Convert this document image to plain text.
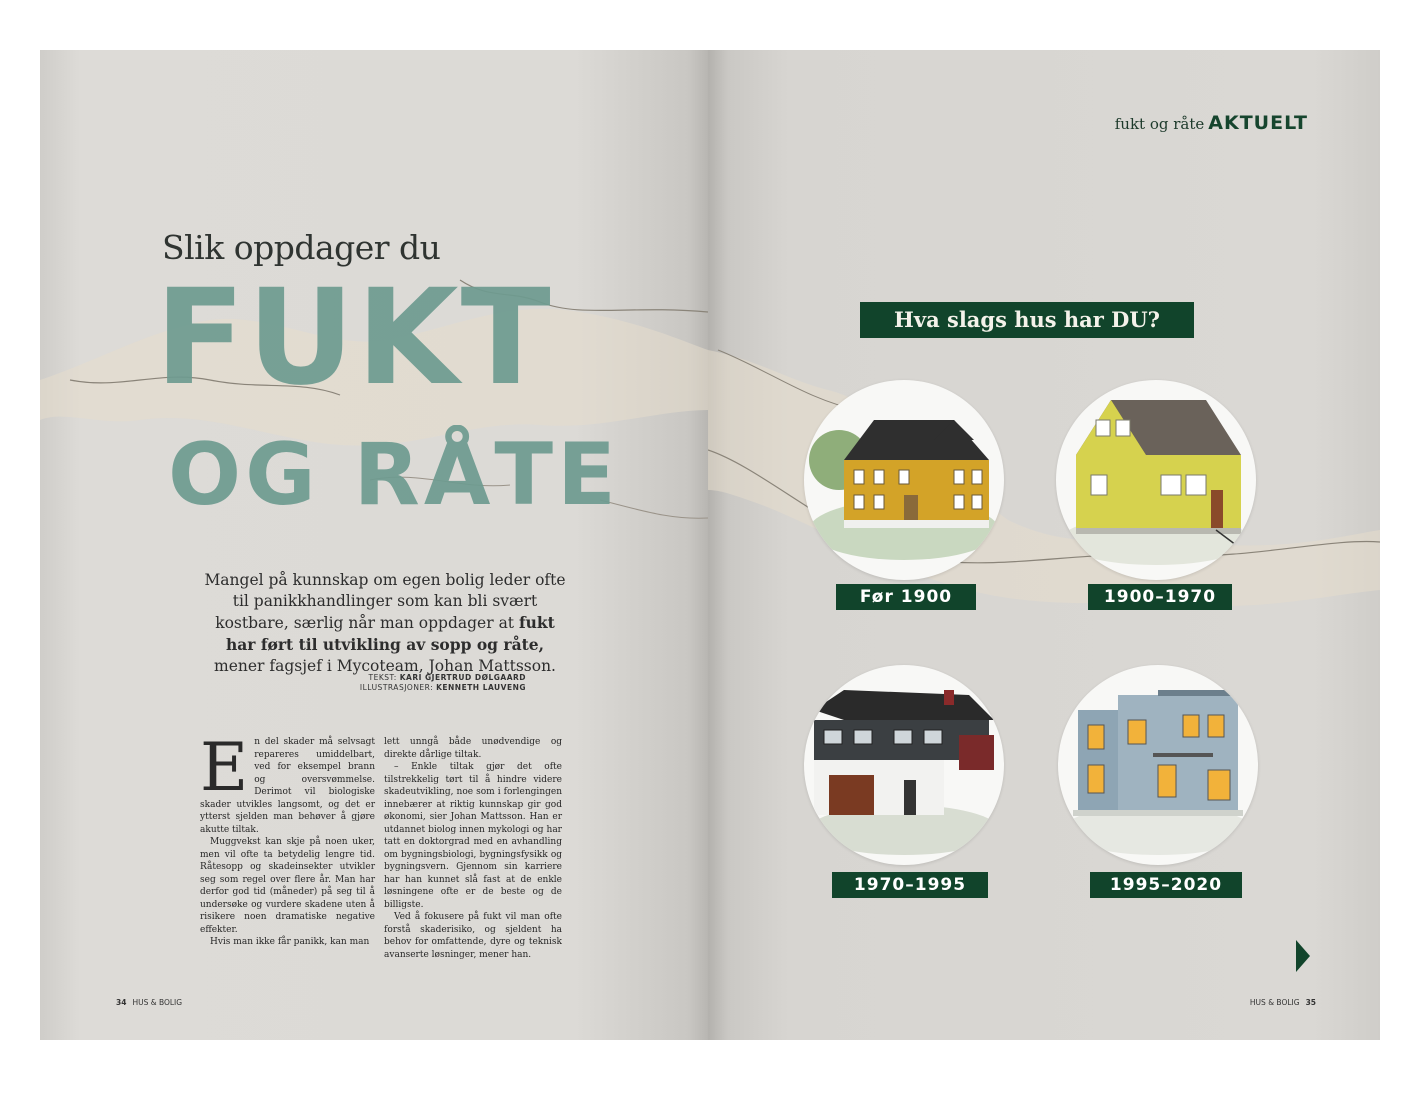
Slik oppdager du
FUKT
OG RÅTE
Mangel på kunnskap om egen bolig leder ofte til panikkhandlinger som kan bli svært kostbare, særlig når man oppdager at fukt har ført til utvikling av sopp og råte, mener fagsjef i Mycoteam, Johan Mattsson.
TEKST: KARI GJERTRUD DØLGAARD
ILLUSTRASJONER: KENNETH LAUVENG
E n del skader må selvsagt repareres umiddelbart, ved for eksempel brann og oversvømmelse. Derimot vil biologiske skader utvikles langsomt, og det er ytterst sjelden man behøver å gjøre akutte tiltak.

Muggvekst kan skje på noen uker, men vil ofte ta betydelig lengre tid. Råtesopp og skadeinsekter utvikler seg som regel over flere år. Man har derfor god tid (måneder) på seg til å undersøke og vurdere skadene uten å risikere noen dramatiske negative effekter.

Hvis man ikke får panikk, kan man

lett unngå både unødvendige og direkte dårlige tiltak.

– Enkle tiltak gjør det ofte tilstrekkelig tørt til å hindre videre skadeutvikling, noe som i forlengingen innebærer at riktig kunnskap gir god økonomi, sier Johan Mattsson. Han er utdannet biolog innen mykologi og har tatt en doktorgrad med en avhandling om bygningsbiologi, bygningsfysikk og bygningsvern. Gjennom sin karriere har han kunnet slå fast at de enkle løsningene ofte er de beste og de billigste.

Ved å fokusere på fukt vil man ofte forstå skaderisiko, og sjeldent ha behov for omfattende, dyre og teknisk avanserte løsninger, mener han.

34 HUS & BOLIG
fukt og råte AKTUELT
Hva slags hus har DU?
Før 1900	1900–1970
1970–1995	1995–2020
HUS & BOLIG 35
